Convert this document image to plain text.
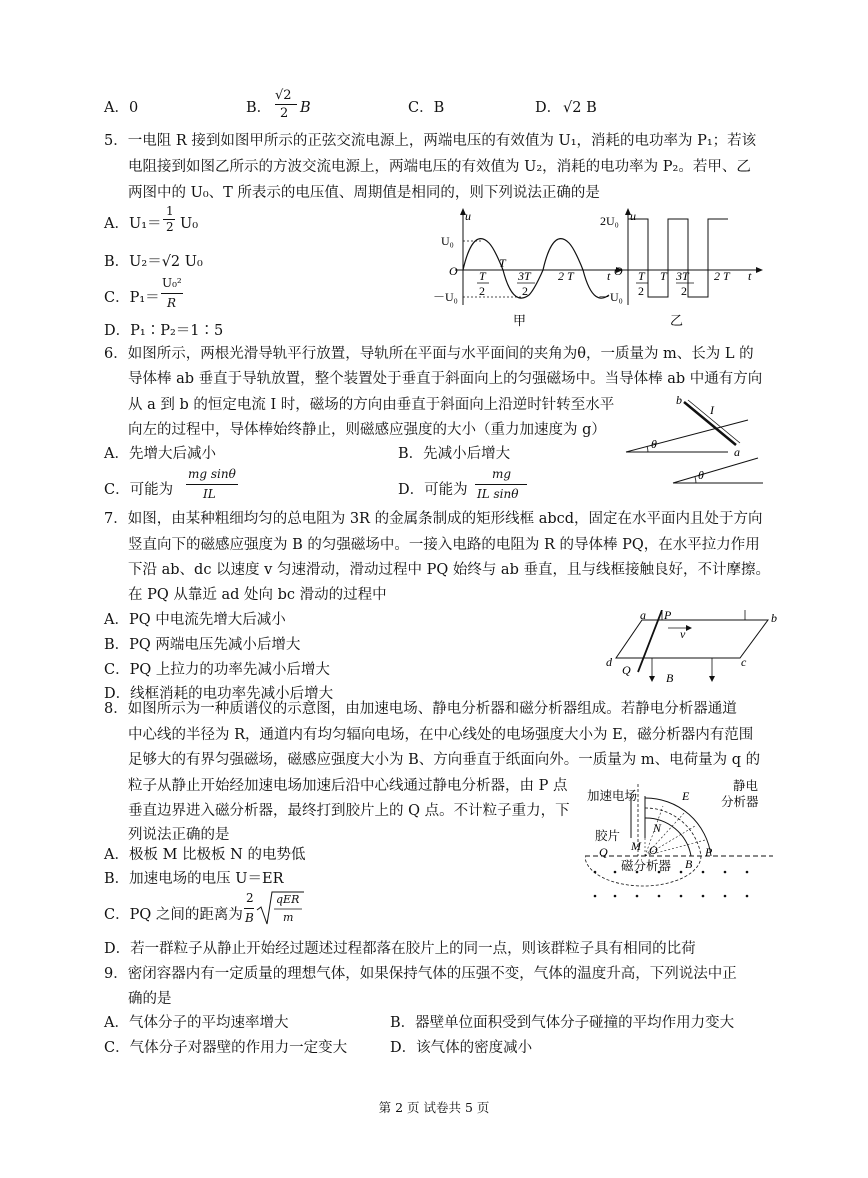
A．0	B．
√2
2 B	C．B	D． √2 B
5．一电阻 R 接到如图甲所示的正弦交流电源上，两端电压的有效值为 U₁，消耗的电功率为 P₁；若该
电阻接到如图乙所示的方波交流电源上，两端电压的有效值为 U₂，消耗的电功率为 P₂。若甲、乙
两图中的 U₀、T 所表示的电压值、周期值是相同的，则下列说法正确的是
A．U₁＝
1
2 U₀
B．U₂＝√2 U₀
C．P₁＝
U₀²
R
D．P₁∶P₂＝1∶5
u
U₀
－U₀
O T
2
T
3T
2
2 T	t
甲
u
2U₀
－U₀
O T
2
T 3T
2
2 T t
乙
6．如图所示，两根光滑导轨平行放置，导轨所在平面与水平面间的夹角为θ，一质量为 m、长为 L 的
导体棒 ab 垂直于导轨放置，整个装置处于垂直于斜面向上的匀强磁场中。当导体棒 ab 中通有方向
从 a 到 b 的恒定电流 I 时，磁场的方向由垂直于斜面向上沿逆时针转至水平
向左的过程中，导体棒始终静止，则磁感应强度的大小（重力加速度为 g）
A．先增大后减小	B．先减小后增大
C．可能为
mg sinθ
IL	D．可能为
mg
IL sinθ
b
I
a
θ
θ
7．如图，由某种粗细均匀的总电阻为 3R 的金属条制成的矩形线框 abcd，固定在水平面内且处于方向
竖直向下的磁感应强度为 B 的匀强磁场中。一接入电路的电阻为 R 的导体棒 PQ，在水平拉力作用
下沿 ab、dc 以速度 v 匀速滑动，滑动过程中 PQ 始终与 ab 垂直，且与线框接触良好，不计摩擦。
在 PQ 从靠近 ad 处向 bc 滑动的过程中
A．PQ 中电流先增大后减小
B．PQ 两端电压先减小后增大
C．PQ 上拉力的功率先减小后增大
D．线框消耗的电功率先减小后增大
a P	b
v
d
Q
c
B
8．如图所示为一种质谱仪的示意图，由加速电场、静电分析器和磁分析器组成。若静电分析器通道
中心线的半径为 R，通道内有均匀辐向电场，在中心线处的电场强度大小为 E，磁分析器内有范围
足够大的有界匀强磁场，磁感应强度大小为 B、方向垂直于纸面向外。一质量为 m、电荷量为 q 的
粒子从静止开始经加速电场加速后沿中心线通过静电分析器，由 P 点
垂直边界进入磁分析器，最终打到胶片上的 Q 点。不计粒子重力，下
列说法正确的是
A．极板 M 比极板 N 的电势低
B．加速电场的电压 U＝ER
C．PQ 之间的距离为
2
B
qER
m
D．若一群粒子从静止开始经过题述过程都落在胶片上的同一点，则该群粒子具有相同的比荷
加速电场
静电
分析器
胶片
磁分析器
M
N
O
E
Q
B
P
9．密闭容器内有一定质量的理想气体，如果保持气体的压强不变，气体的温度升高，下列说法中正
确的是
A．气体分子的平均速率增大	B．器壁单位面积受到气体分子碰撞的平均作用力变大
C．气体分子对器壁的作用力一定变大	D．该气体的密度减小
第 2 页 试卷共 5 页
